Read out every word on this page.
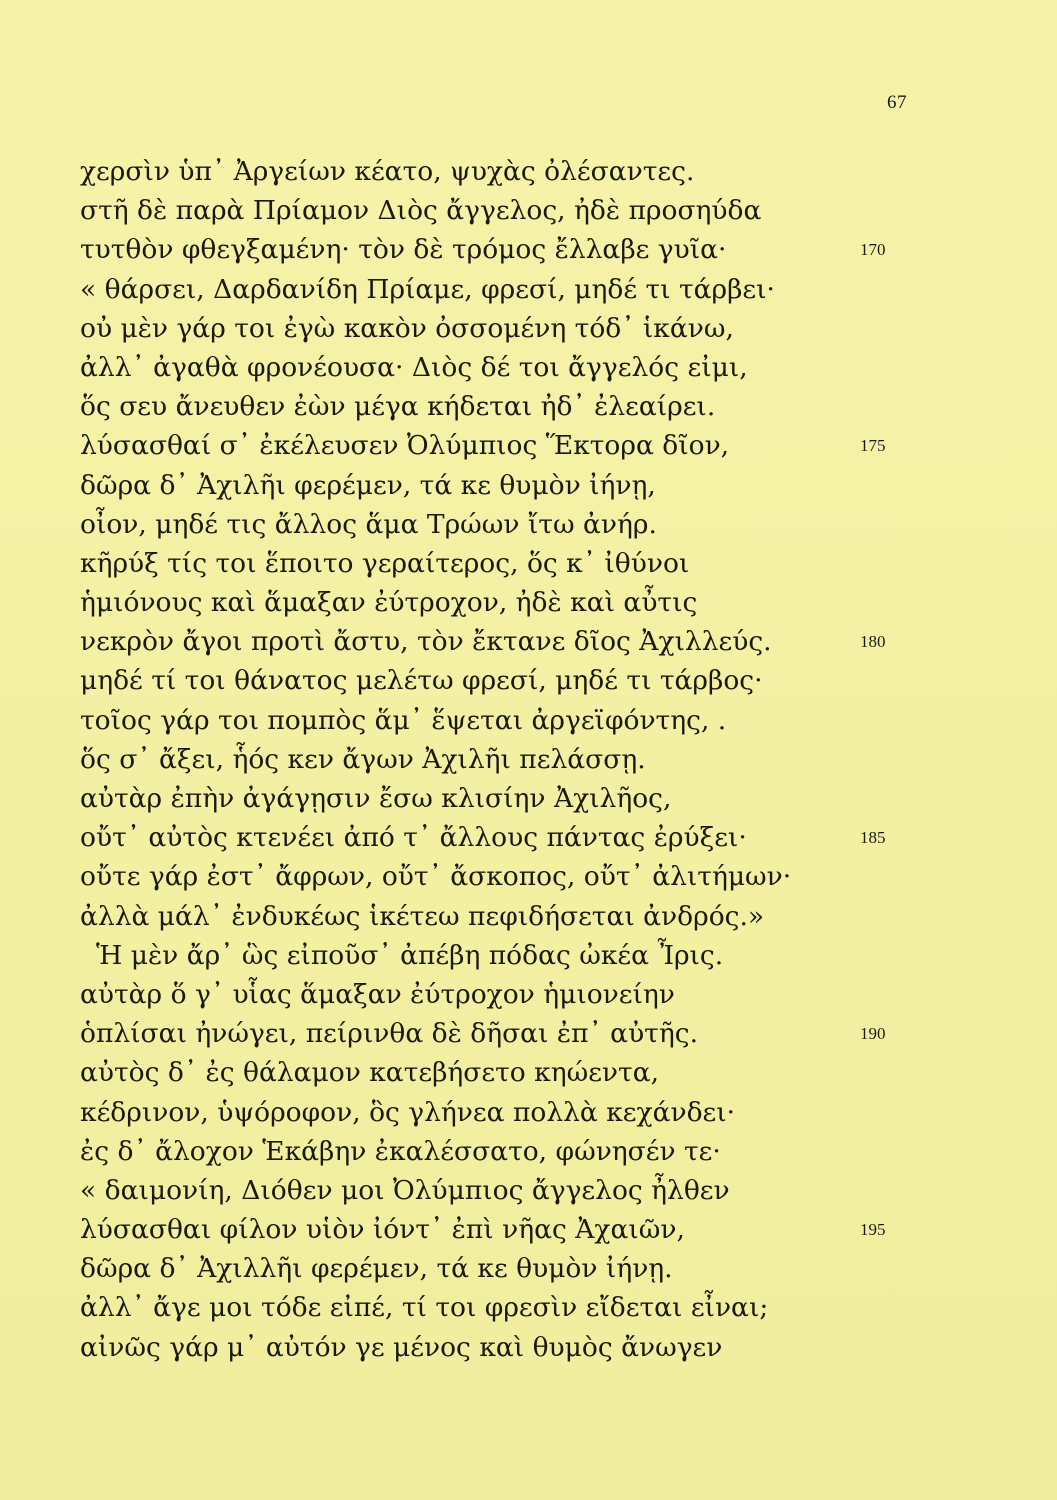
67
χερσὶν ὑπ᾽ Ἀργείων κέατο, ψυχὰς ὀλέσαντες.
στῆ δὲ παρὰ Πρίαμον Διὸς ἄγγελος, ἠδὲ προσηύδα
τυτθὸν φθεγξαμένη· τὸν δὲ τρόμος ἔλλαβε γυῖα·
« θάρσει, Δαρδανίδη Πρίαμε, φρεσί, μηδέ τι τάρβει·
οὐ μὲν γάρ τοι ἐγὼ κακὸν ὀσσομένη τόδ᾽ ἱκάνω,
ἀλλ᾽ ἀγαθὰ φρονέουσα· Διὸς δέ τοι ἄγγελός εἰμι,
ὅς σευ ἄνευθεν ἐὼν μέγα κήδεται ἠδ᾽ ἐλεαίρει.
λύσασθαί σ᾽ ἐκέλευσεν Ὀλύμπιος Ἕκτορα δῖον,
δῶρα δ᾽ Ἀχιλῆι φερέμεν, τά κε θυμὸν ἰήνῃ,
οἶον, μηδέ τις ἄλλος ἅμα Τρώων ἴτω ἀνήρ.
κῆρύξ τίς τοι ἕποιτο γεραίτερος, ὅς κ᾽ ἰθύνοι
ἡμιόνους καὶ ἅμαξαν ἐύτροχον, ἠδὲ καὶ αὖτις
νεκρὸν ἄγοι προτὶ ἄστυ, τὸν ἔκτανε δῖος Ἀχιλλεύς.
μηδέ τί τοι θάνατος μελέτω φρεσί, μηδέ τι τάρβος·
τοῖος γάρ τοι πομπὸς ἅμ᾽ ἕψεται ἀργεϊφόντης, .
ὅς σ᾽ ἄξει, ἧός κεν ἄγων Ἀχιλῆι πελάσσῃ.
αὐτὰρ ἐπὴν ἀγάγῃσιν ἔσω κλισίην Ἀχιλῆος,
οὔτ᾽ αὐτὸς κτενέει ἀπό τ᾽ ἄλλους πάντας ἐρύξει·
οὔτε γάρ ἐστ᾽ ἄφρων, οὔτ᾽ ἄσκοπος, οὔτ᾽ ἀλιτήμων·
ἀλλὰ μάλ᾽ ἐνδυκέως ἱκέτεω πεφιδήσεται ἀνδρός.»
Ἡ μὲν ἄρ᾽ ὣς εἰποῦσ᾽ ἀπέβη πόδας ὠκέα Ἶρις.
αὐτὰρ ὅ γ᾽ υἷας ἅμαξαν ἐύτροχον ἡμιονείην
ὁπλίσαι ἠνώγει, πείρινθα δὲ δῆσαι ἐπ᾽ αὐτῆς.
αὐτὸς δ᾽ ἐς θάλαμον κατεβήσετο κηώεντα,
κέδρινον, ὑψόροφον, ὃς γλήνεα πολλὰ κεχάνδει·
ἐς δ᾽ ἄλοχον Ἑκάβην ἐκαλέσσατο, φώνησέν τε·
« δαιμονίη, Διόθεν μοι Ὀλύμπιος ἄγγελος ἦλθεν
λύσασθαι φίλον υἱὸν ἰόντ᾽ ἐπὶ νῆας Ἀχαιῶν,
δῶρα δ᾽ Ἀχιλλῆι φερέμεν, τά κε θυμὸν ἰήνῃ.
ἀλλ᾽ ἄγε μοι τόδε εἰπέ, τί τοι φρεσὶν εἴδεται εἶναι;
αἰνῶς γάρ μ᾽ αὐτόν γε μένος καὶ θυμὸς ἄνωγεν
170
175
180
185
190
195
